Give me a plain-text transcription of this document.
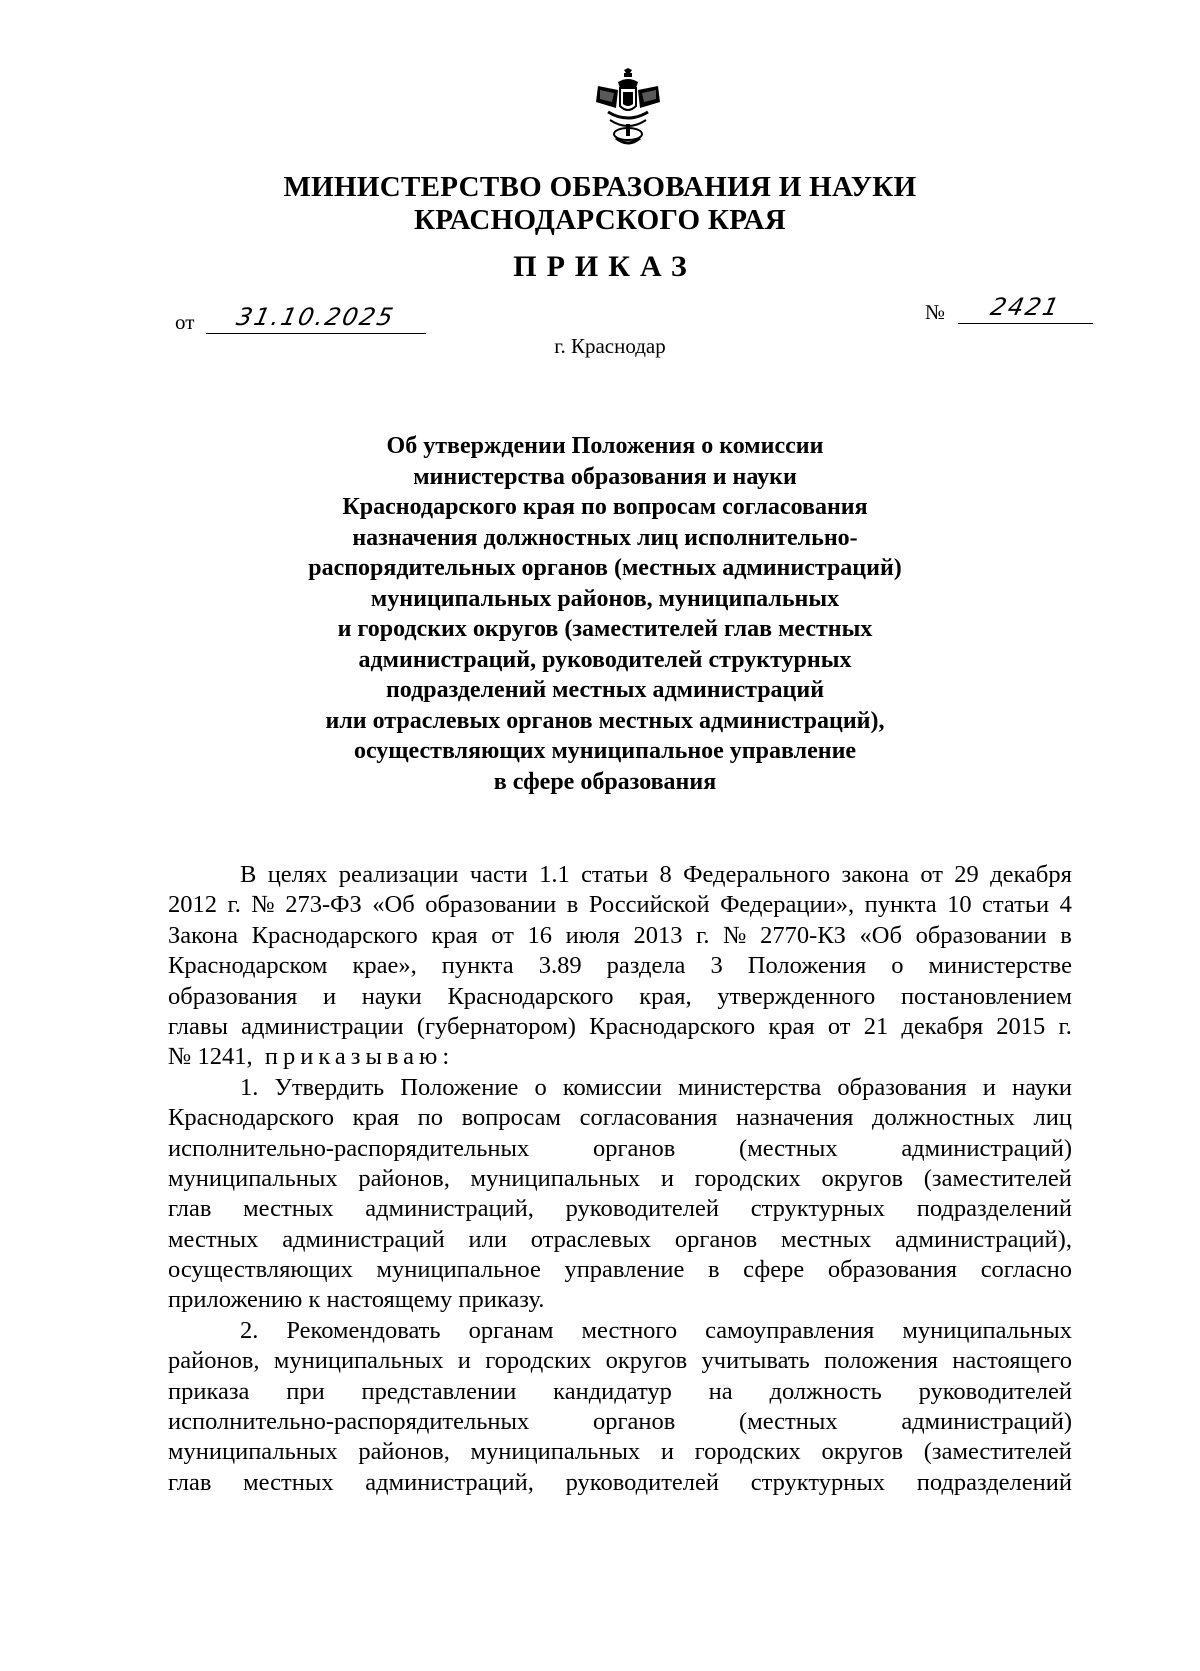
МИНИСТЕРСТВО ОБРАЗОВАНИЯ И НАУКИ
КРАСНОДАРСКОГО КРАЯ
ПРИКАЗ
от 31.10.2025	№ 2421
г. Краснодар
Об утверждении Положения о комиссии
министерства образования и науки
Краснодарского края по вопросам согласования
назначения должностных лиц исполнительно-
распорядительных органов (местных администраций)
муниципальных районов, муниципальных
и городских округов (заместителей глав местных
администраций, руководителей структурных
подразделений местных администраций
или отраслевых органов местных администраций),
осуществляющих муниципальное управление
в сфере образования
В целях реализации части 1.1 статьи 8 Федерального закона от 29 декабря
2012 г. № 273-ФЗ «Об образовании в Российской Федерации», пункта 10 статьи 4
Закона Краснодарского края от 16 июля 2013 г. № 2770-КЗ «Об образовании в
Краснодарском крае», пункта 3.89 раздела 3 Положения о министерстве
образования и науки Краснодарского края, утвержденного постановлением
главы администрации (губернатором) Краснодарского края от 21 декабря 2015 г.
№ 1241,
приказываю:
1. Утвердить Положение о комиссии министерства образования и науки
Краснодарского края по вопросам согласования назначения должностных лиц
исполнительно-распорядительных	органов	(местных	администраций)
муниципальных районов, муниципальных и городских округов (заместителей
глав местных администраций, руководителей структурных подразделений
местных администраций или отраслевых органов местных администраций),
осуществляющих муниципальное управление в сфере образования согласно
приложению к настоящему приказу.
2. Рекомендовать органам местного самоуправления муниципальных
районов, муниципальных и городских округов учитывать положения настоящего
приказа при представлении кандидатур на должность руководителей
исполнительно-распорядительных	органов	(местных	администраций)
муниципальных районов, муниципальных и городских округов (заместителей
глав местных администраций, руководителей структурных подразделений
